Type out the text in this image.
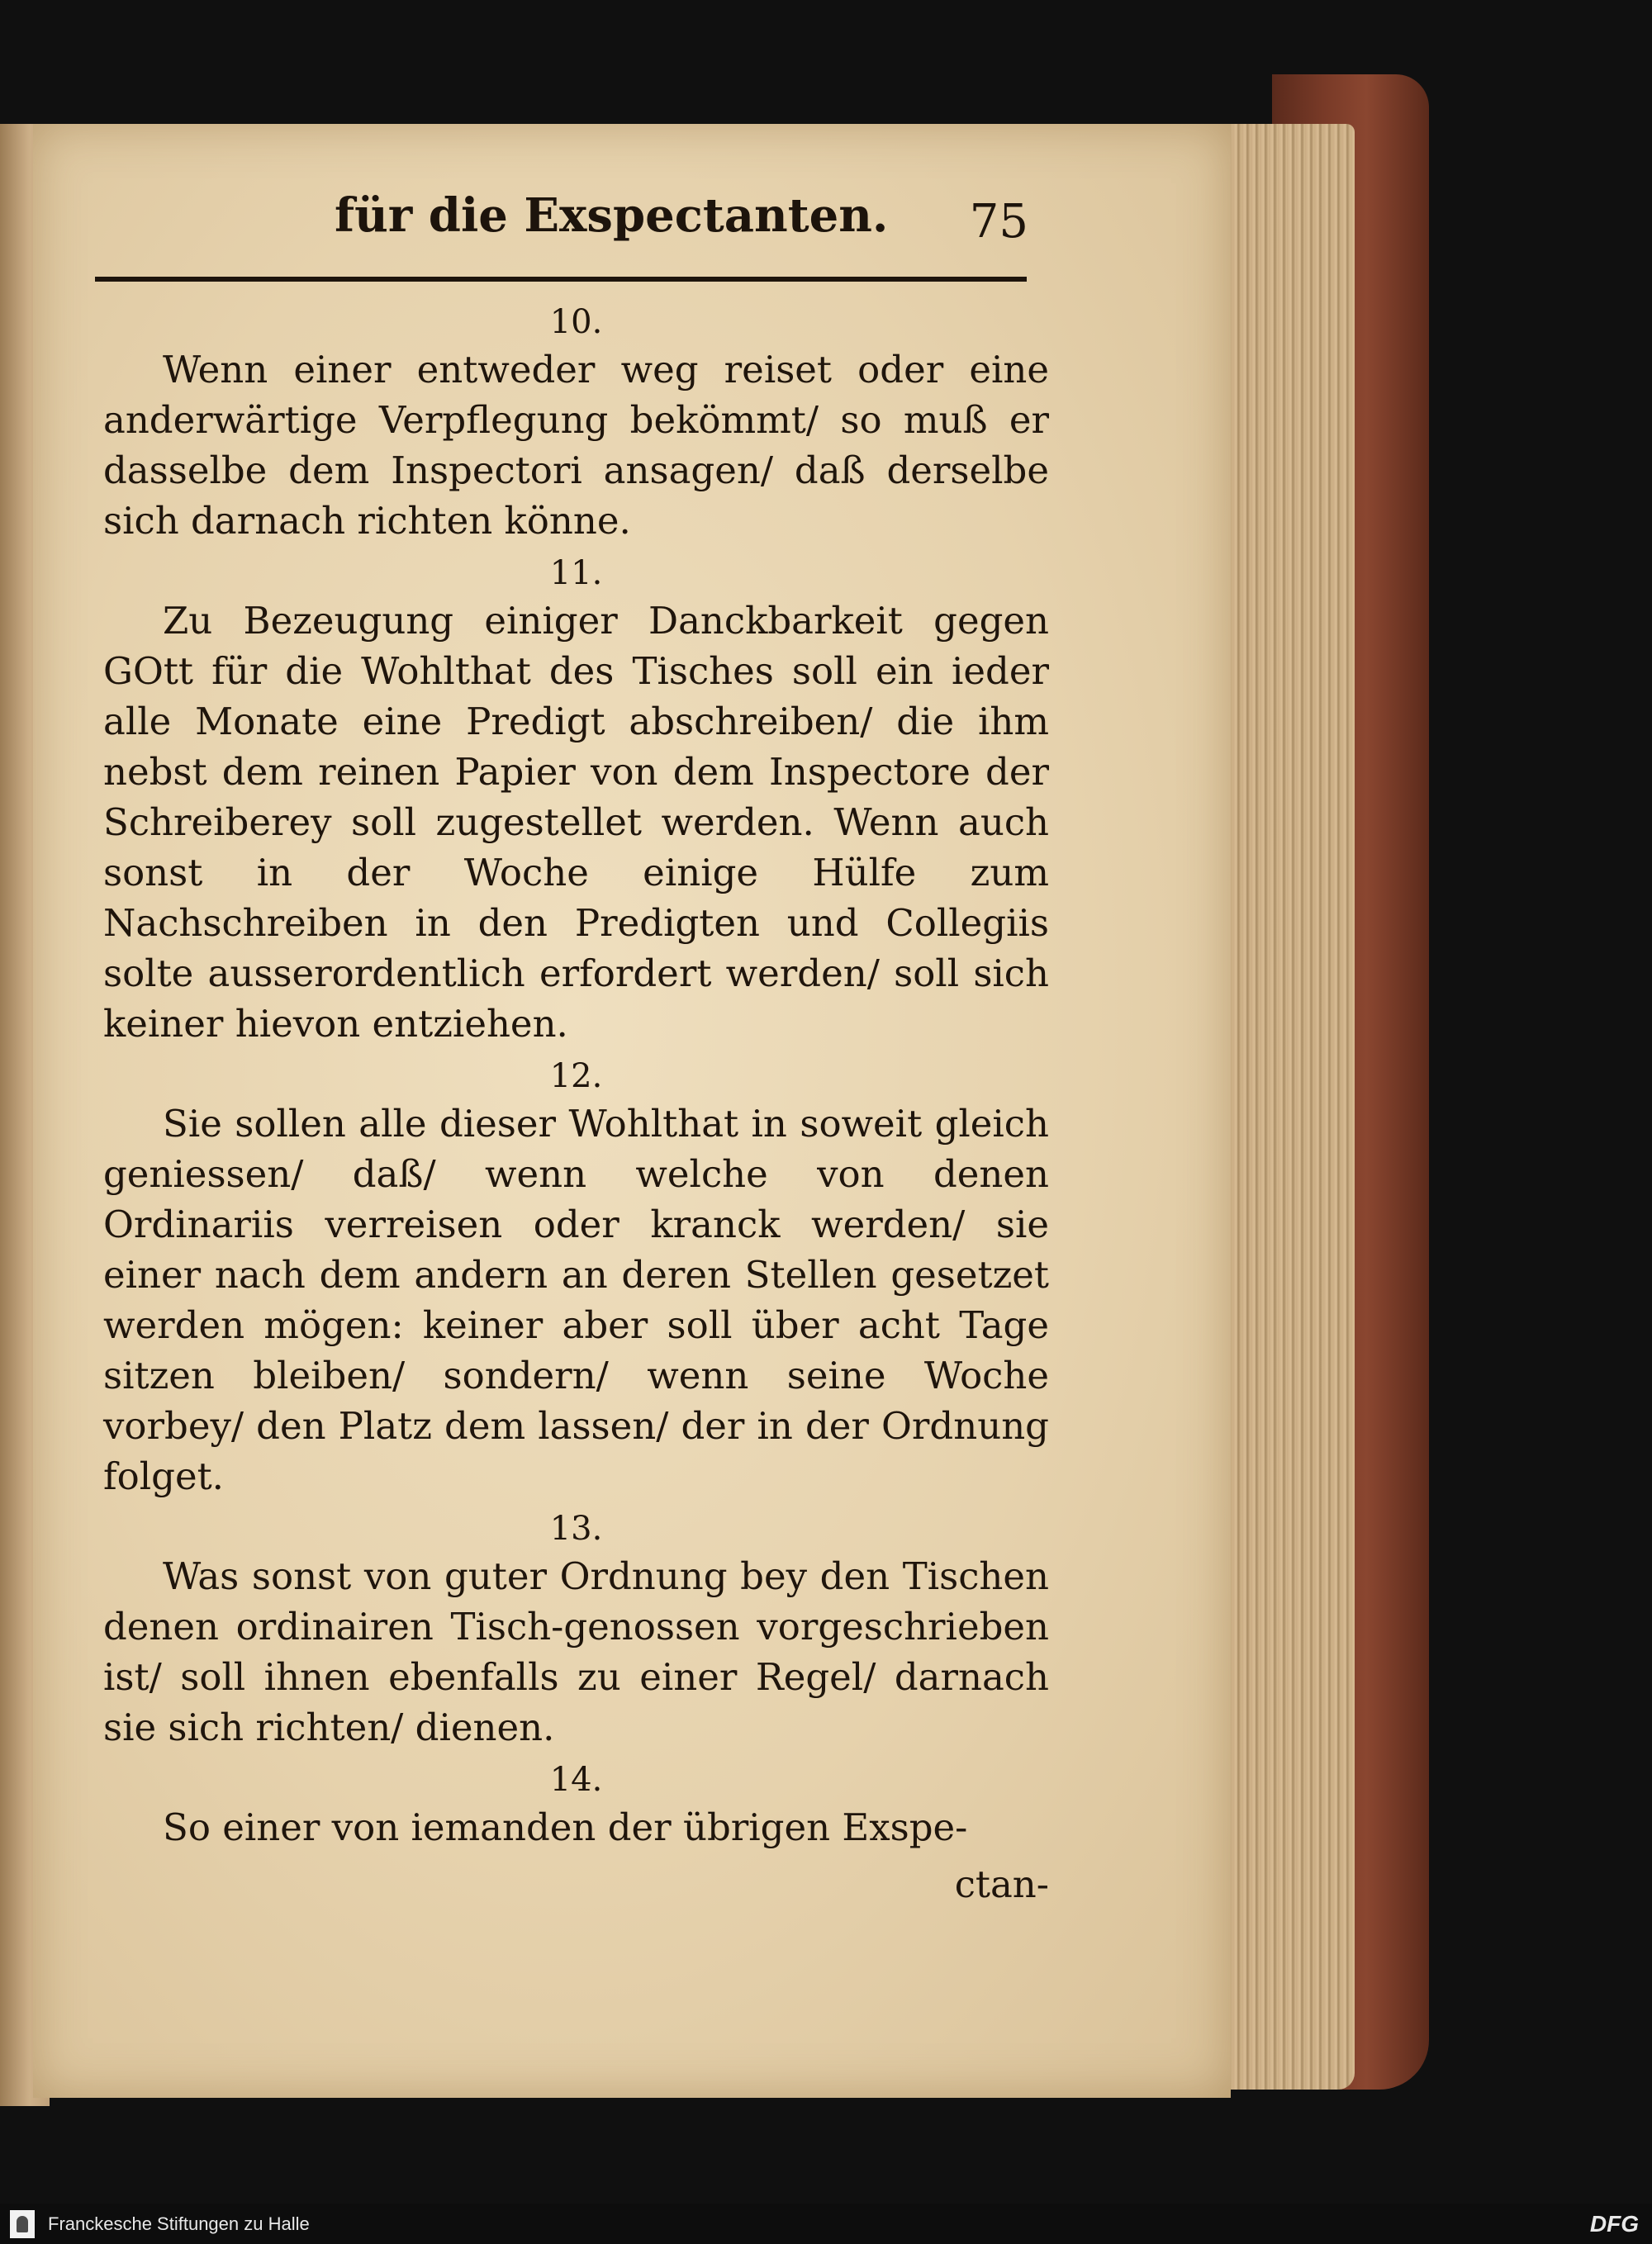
für die Exspectanten. 75
10.
Wenn einer entweder weg reiset oder eine anderwärtige Verpflegung bekömmt/ so muß er dasselbe dem Inspectori ansagen/ daß derselbe sich darnach richten könne.
11.
Zu Bezeugung einiger Danckbarkeit gegen GOtt für die Wohlthat des Tisches soll ein ieder alle Monate eine Predigt abschreiben/ die ihm nebst dem reinen Papier von dem Inspectore der Schreiberey soll zugestellet werden. Wenn auch sonst in der Woche einige Hülfe zum Nachschreiben in den Predigten und Collegiis solte ausserordentlich erfordert werden/ soll sich keiner hievon entziehen.
12.
Sie sollen alle dieser Wohlthat in soweit gleich geniessen/ daß/ wenn welche von denen Ordinariis verreisen oder kranck werden/ sie einer nach dem andern an deren Stellen gesetzet werden mögen: keiner aber soll über acht Tage sitzen bleiben/ sondern/ wenn seine Woche vorbey/ den Platz dem lassen/ der in der Ordnung folget.
13.
Was sonst von guter Ordnung bey den Tischen denen ordinairen Tisch-genossen vorgeschrieben ist/ soll ihnen ebenfalls zu einer Regel/ darnach sie sich richten/ dienen.
14.
So einer von iemanden der übrigen Exspe-
ctan-
Franckesche Stiftungen zu Halle	DFG
